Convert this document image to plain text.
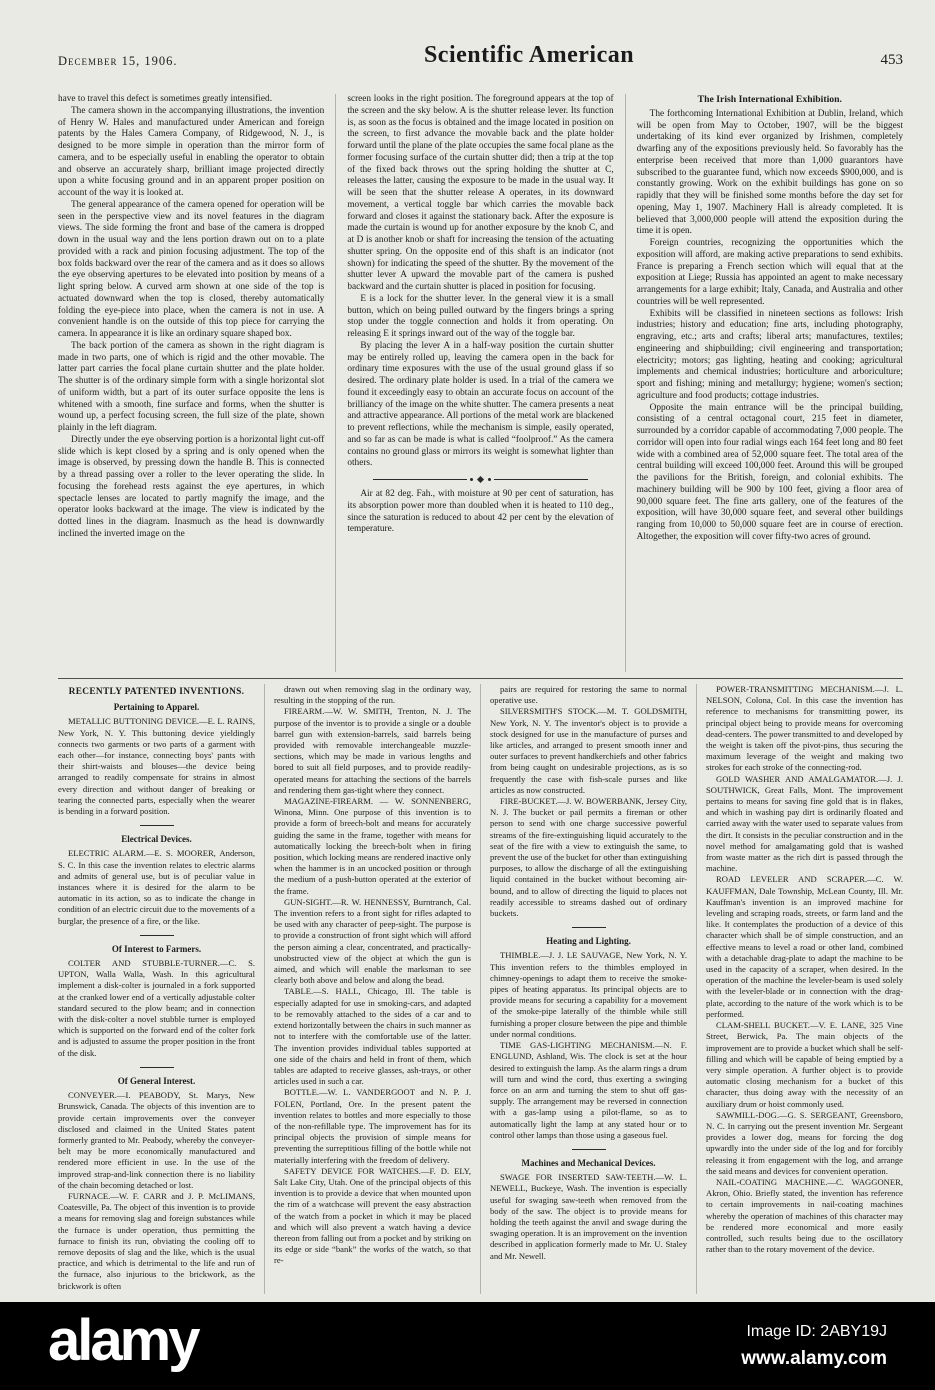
December 15, 1906.	Scientific American	453

have to travel this defect is sometimes greatly intensified.

The camera shown in the accompanying illustrations, the invention of Henry W. Hales and manufactured under American and foreign patents by the Hales Camera Company, of Ridgewood, N. J., is designed to be more simple in operation than the mirror form of camera, and to be especially useful in enabling the operator to obtain and observe an accurately sharp, brilliant image projected directly upon a white focusing ground and in an apparent proper position on account of the way it is looked at.

The general appearance of the camera opened for operation will be seen in the perspective view and its novel features in the diagram views. The side forming the front and base of the camera is dropped down in the usual way and the lens portion drawn out on to a plate provided with a rack and pinion focusing adjustment. The top of the box folds backward over the rear of the camera and as it does so allows the eye observing apertures to be elevated into position by means of a light spring below. A curved arm shown at one side of the top is actuated downward when the top is closed, thereby automatically folding the eye-piece into place, when the camera is not in use. A convenient handle is on the outside of this top piece for carrying the camera. In appearance it is like an ordinary square shaped box.

The back portion of the camera as shown in the right diagram is made in two parts, one of which is rigid and the other movable. The latter part carries the focal plane curtain shutter and the plate holder. The shutter is of the ordinary simple form with a single horizontal slot of uniform width, but a part of its outer surface opposite the lens is whitened with a smooth, fine surface and forms, when the shutter is wound up, a perfect focusing screen, the full size of the plate, shown plainly in the left diagram.

Directly under the eye observing portion is a horizontal light cut-off slide which is kept closed by a spring and is only opened when the image is observed, by pressing down the handle B. This is connected by a thread passing over a roller to the lever operating the slide. In focusing the forehead rests against the eye apertures, in which spectacle lenses are located to partly magnify the image, and the operator looks backward at the image. The view is indicated by the dotted lines in the diagram. Inasmuch as the head is downwardly inclined the inverted image on the

screen looks in the right position. The foreground appears at the top of the screen and the sky below. A is the shutter release lever. Its function is, as soon as the focus is obtained and the image located in position on the screen, to first advance the movable back and the plate holder forward until the plane of the plate occupies the same focal plane as the former focusing surface of the curtain shutter did; then a trip at the top of the fixed back throws out the spring holding the shutter at C, releases the latter, causing the exposure to be made in the usual way. It will be seen that the shutter release A operates, in its downward movement, a vertical toggle bar which carries the movable back forward and closes it against the stationary back. After the exposure is made the curtain is wound up for another exposure by the knob C, and at D is another knob or shaft for increasing the tension of the actuating shutter spring. On the opposite end of this shaft is an indicator (not shown) for indicating the speed of the shutter. By the movement of the shutter lever A upward the movable part of the camera is pushed backward and the curtain shutter is placed in position for focusing.

E is a lock for the shutter lever. In the general view it is a small button, which on being pulled outward by the fingers brings a spring stop under the toggle connection and holds it from operating. On releasing E it springs inward out of the way of the toggle bar.

By placing the lever A in a half-way position the curtain shutter may be entirely rolled up, leaving the camera open in the back for ordinary time exposures with the use of the usual ground glass if so desired. The ordinary plate holder is used. In a trial of the camera we found it exceedingly easy to obtain an accurate focus on account of the brilliancy of the image on the white shutter. The camera presents a neat and attractive appearance. All portions of the metal work are blackened to prevent reflections, while the mechanism is simple, easily operated, and so far as can be made is what is called “foolproof.” As the camera contains no ground glass or mirrors its weight is somewhat lighter than others.

Air at 82 deg. Fah., with moisture at 90 per cent of saturation, has its absorption power more than doubled when it is heated to 110 deg., since the saturation is reduced to about 42 per cent by the elevation of temperature.

The Irish International Exhibition.

The forthcoming International Exhibition at Dublin, Ireland, which will be open from May to October, 1907, will be the biggest undertaking of its kind ever organized by Irishmen, completely dwarfing any of the expositions previously held. So favorably has the enterprise been received that more than 1,000 guarantors have subscribed to the guarantee fund, which now exceeds $900,000, and is constantly growing. Work on the exhibit buildings has gone on so rapidly that they will be finished some months before the day set for opening, May 1, 1907. Machinery Hall is already completed. It is believed that 3,000,000 people will attend the exposition during the time it is open.

Foreign countries, recognizing the opportunities which the exposition will afford, are making active preparations to send exhibits. France is preparing a French section which will equal that at the exposition at Liege; Russia has appointed an agent to make necessary arrangements for a large exhibit; Italy, Canada, and Australia and other countries will be well represented.

Exhibits will be classified in nineteen sections as follows: Irish industries; history and education; fine arts, including photography, engraving, etc.; arts and crafts; liberal arts; manufactures, textiles; engineering and shipbuilding; civil engineering and transportation; electricity; motors; gas lighting, heating and cooking; agricultural implements and chemical industries; horticulture and arboriculture; sport and fishing; mining and metallurgy; hygiene; women's section; agriculture and food products; cottage industries.

Opposite the main entrance will be the principal building, consisting of a central octagonal court, 215 feet in diameter, surrounded by a corridor capable of accommodating 7,000 people. The corridor will open into four radial wings each 164 feet long and 80 feet wide with a combined area of 52,000 square feet. The total area of the central building will exceed 100,000 feet. Around this will be grouped the pavilions for the British, foreign, and colonial exhibits. The machinery building will be 900 by 100 feet, giving a floor area of 90,000 square feet. The fine arts gallery, one of the features of the exposition, will have 30,000 square feet, and several other buildings ranging from 10,000 to 50,000 square feet are in course of erection. Altogether, the exposition will cover fifty-two acres of ground.

RECENTLY PATENTED INVENTIONS.
Pertaining to Apparel.

METALLIC BUTTONING DEVICE.—E. L. RAINS, New York, N. Y. This buttoning device yieldingly connects two garments or two parts of a garment with each other—for instance, connecting boys' pants with their shirt-waists and blouses—the device being arranged to readily compensate for strains in almost every direction and without danger of breaking or tearing the connected parts, especially when the wearer is bending in a forward position.

Electrical Devices.

ELECTRIC ALARM.—E. S. MOORER, Anderson, S. C. In this case the invention relates to electric alarms and admits of general use, but is of peculiar value in instances where it is desired for the alarm to be automatic in its action, so as to indicate the change in condition of an electric circuit due to the movements of a burglar, the presence of a fire, or the like.

Of Interest to Farmers.

COLTER AND STUBBLE-TURNER.—C. S. UPTON, Walla Walla, Wash. In this agricultural implement a disk-colter is journaled in a fork supported at the cranked lower end of a vertically adjustable colter standard secured to the plow beam; and in connection with the disk-colter a novel stubble turner is employed which is supported on the forward end of the colter fork and is adjusted to assume the proper position in the front of the disk.

Of General Interest.

CONVEYER.—I. PEABODY, St. Marys, New Brunswick, Canada. The objects of this invention are to provide certain improvements over the conveyer disclosed and claimed in the United States patent formerly granted to Mr. Peabody, whereby the conveyer-belt may be more economically manufactured and rendered more efficient in use. In the use of the improved strap-and-link connection there is no liability of the chain becoming detached or lost.

FURNACE.—W. F. CARR and J. P. McLIMANS, Coatesville, Pa. The object of this invention is to provide a means for removing slag and foreign substances while the furnace is under operation, thus permitting the furnace to finish its run, obviating the cooling off to remove deposits of slag and the like, which is the usual practice, and which is detrimental to the life and run of the furnace, also injurious to the brickwork, as the brickwork is often

drawn out when removing slag in the ordinary way, resulting in the stopping of the run.

FIREARM.—W. W. SMITH, Trenton, N. J. The purpose of the inventor is to provide a single or a double barrel gun with extension-barrels, said barrels being provided with removable interchangeable muzzle-sections, which may be made in various lengths and bored to suit all field purposes, and to provide readily-operated means for attaching the sections of the barrels and rendering them gas-tight where they connect.

MAGAZINE-FIREARM. — W. SONNENBERG, Winona, Minn. One purpose of this invention is to provide a form of breech-bolt and means for accurately guiding the same in the frame, together with means for automatically locking the breech-bolt when in firing position, which locking means are rendered inactive only when the hammer is in an uncocked position or through the medium of a push-button operated at the exterior of the frame.

GUN-SIGHT.—R. W. HENNESSY, Burntranch, Cal. The invention refers to a front sight for rifles adapted to be used with any character of peep-sight. The purpose is to provide a construction of front sight which will afford the person aiming a clear, concentrated, and practically-unobstructed view of the object at which the gun is aimed, and which will enable the marksman to see clearly both above and below and along the bead.

TABLE.—S. HALL, Chicago, Ill. The table is especially adapted for use in smoking-cars, and adapted to be removably attached to the sides of a car and to extend horizontally between the chairs in such manner as not to interfere with the comfortable use of the latter. The invention provides individual tables supported at one side of the chairs and held in front of them, which tables are adapted to receive glasses, ash-trays, or other articles used in such a car.

BOTTLE.—W. L. VANDERGOOT and N. P. J. FOLEN, Portland, Ore. In the present patent the invention relates to bottles and more especially to those of the non-refillable type. The improvement has for its principal objects the provision of simple means for preventing the surreptitious filling of the bottle while not materially interfering with the freedom of delivery.

SAFETY DEVICE FOR WATCHES.—F. D. ELY, Salt Lake City, Utah. One of the principal objects of this invention is to provide a device that when mounted upon the rim of a watchcase will prevent the easy abstraction of the watch from a pocket in which it may be placed and which will also prevent a watch having a device thereon from falling out from a pocket and by striking on its edge or side “bank” the works of the watch, so that re-

pairs are required for restoring the same to normal operative use.

SILVERSMITH'S STOCK.—M. T. GOLDSMITH, New York, N. Y. The inventor's object is to provide a stock designed for use in the manufacture of purses and like articles, and arranged to present smooth inner and outer surfaces to prevent handkerchiefs and other fabrics from being caught on undesirable projections, as is so frequently the case with fish-scale purses and like articles as now constructed.

FIRE-BUCKET.—J. W. BOWERBANK, Jersey City, N. J. The bucket or pail permits a fireman or other person to send with one charge successive powerful streams of the fire-extinguishing liquid accurately to the seat of the fire with a view to extinguish the same, to prevent the use of the bucket for other than extinguishing purposes, to allow the discharge of all the extinguishing liquid contained in the bucket without becoming air-bound, and to allow of directing the liquid to places not readily accessible to streams dashed out of ordinary buckets.

Heating and Lighting.

THIMBLE.—J. J. LE SAUVAGE, New York, N. Y. This invention refers to the thimbles employed in chimney-openings to adapt them to receive the smoke-pipes of heating apparatus. Its principal objects are to provide means for securing a capability for a movement of the smoke-pipe laterally of the thimble while still furnishing a proper closure between the pipe and thimble under normal conditions.

TIME GAS-LIGHTING MECHANISM.—N. F. ENGLUND, Ashland, Wis. The clock is set at the hour desired to extinguish the lamp. As the alarm rings a drum will turn and wind the cord, thus exerting a swinging force on an arm and turning the stem to shut off gas-supply. The arrangement may be reversed in connection with a gas-lamp using a pilot-flame, so as to automatically light the lamp at any stated hour or to control other lamps than those using a gaseous fuel.

Machines and Mechanical Devices.

SWAGE FOR INSERTED SAW-TEETH.—W. L. NEWELL, Buckeye, Wash. The invention is especially useful for swaging saw-teeth when removed from the body of the saw. The object is to provide means for holding the teeth against the anvil and swage during the swaging operation. It is an improvement on the invention described in application formerly made to Mr. U. Staley and Mr. Newell.

POWER-TRANSMITTING MECHANISM.—J. L. NELSON, Colona, Col. In this case the invention has reference to mechanisms for transmitting power, its principal object being to provide means for overcoming dead-centers. The power transmitted to and developed by the weight is taken off the pivot-pins, thus securing the maximum leverage of the weight and making two strokes for each stroke of the connecting-rod.

GOLD WASHER AND AMALGAMATOR.—J. J. SOUTHWICK, Great Falls, Mont. The improvement pertains to means for saving fine gold that is in flakes, and which in washing pay dirt is ordinarily floated and carried away with the water used to separate values from the dirt. It consists in the peculiar construction and in the novel method for amalgamating gold that is washed from waste matter as the rich dirt is passed through the machine.

ROAD LEVELER AND SCRAPER.—C. W. KAUFFMAN, Dale Township, McLean County, Ill. Mr. Kauffman's invention is an improved machine for leveling and scraping roads, streets, or farm land and the like. It contemplates the production of a device of this character which shall be of simple construction, and an effective means to level a road or other land, combined with a detachable drag-plate to adapt the machine to be used in the capacity of a scraper, when desired. In the operation of the machine the leveler-beam is used solely with the leveler-blade or in connection with the drag-plate, according to the nature of the work which is to be performed.

CLAM-SHELL BUCKET.—V. E. LANE, 325 Vine Street, Berwick, Pa. The main objects of the improvement are to provide a bucket which shall be self-filling and which will be capable of being emptied by a very simple operation. A further object is to provide automatic closing mechanism for a bucket of this character, thus doing away with the necessity of an auxiliary drum or hoist commonly used.

SAWMILL-DOG.—G. S. SERGEANT, Greensboro, N. C. In carrying out the present invention Mr. Sergeant provides a lower dog, means for forcing the dog upwardly into the under side of the log and for forcibly releasing it from engagement with the log, and arrange the said means and devices for convenient operation.

NAIL-COATING MACHINE.—C. WAGGONER, Akron, Ohio. Briefly stated, the invention has reference to certain improvements in nail-coating machines whereby the operation of machines of this character may be rendered more economical and more easily controlled, such results being due to the oscillatory rather than to the rotary movement of the device.

alamy	Image ID: 2ABY19J
www.alamy.com
